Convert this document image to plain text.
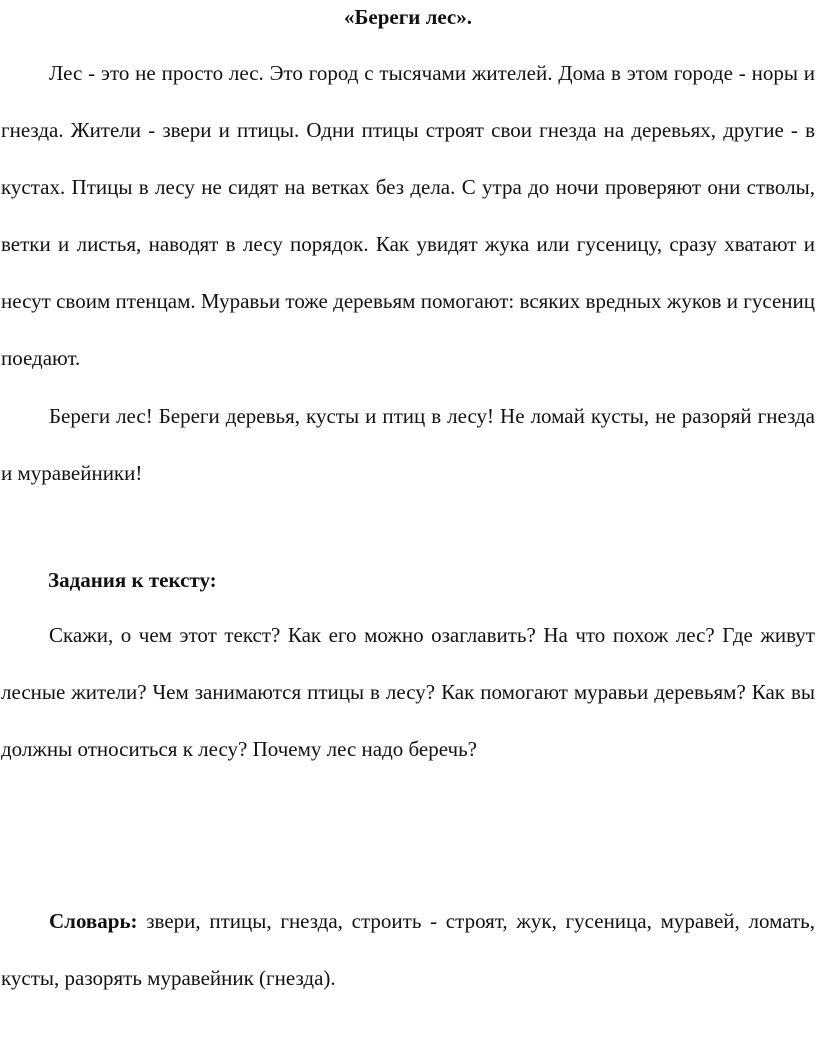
«Береги лес».

Лес - это не просто лес. Это город с тысячами жителей. Дома в этом городе - норы и гнезда. Жители - звери и птицы. Одни птицы строят свои гнезда на деревьях, другие - в кустах. Птицы в лесу не сидят на ветках без дела. С утра до ночи проверяют они стволы, ветки и листья, наводят в лесу порядок. Как увидят жука или гусеницу, сразу хватают и несут своим птенцам. Муравьи тоже деревьям помогают: всяких вредных жуков и гусениц поедают.

Береги лес! Береги деревья, кусты и птиц в лесу! Не ломай кусты, не разоряй гнезда и муравейники!

Задания к тексту:

Скажи, о чем этот текст? Как его можно озаглавить? На что похож лес? Где живут лесные жители? Чем занимаются птицы в лесу? Как помогают муравьи деревьям? Как вы должны относиться к лесу? Почему лес надо беречь?

Словарь: звери, птицы, гнезда, строить - строят, жук, гусеница, муравей, ломать, кусты, разорять муравейник (гнезда).
